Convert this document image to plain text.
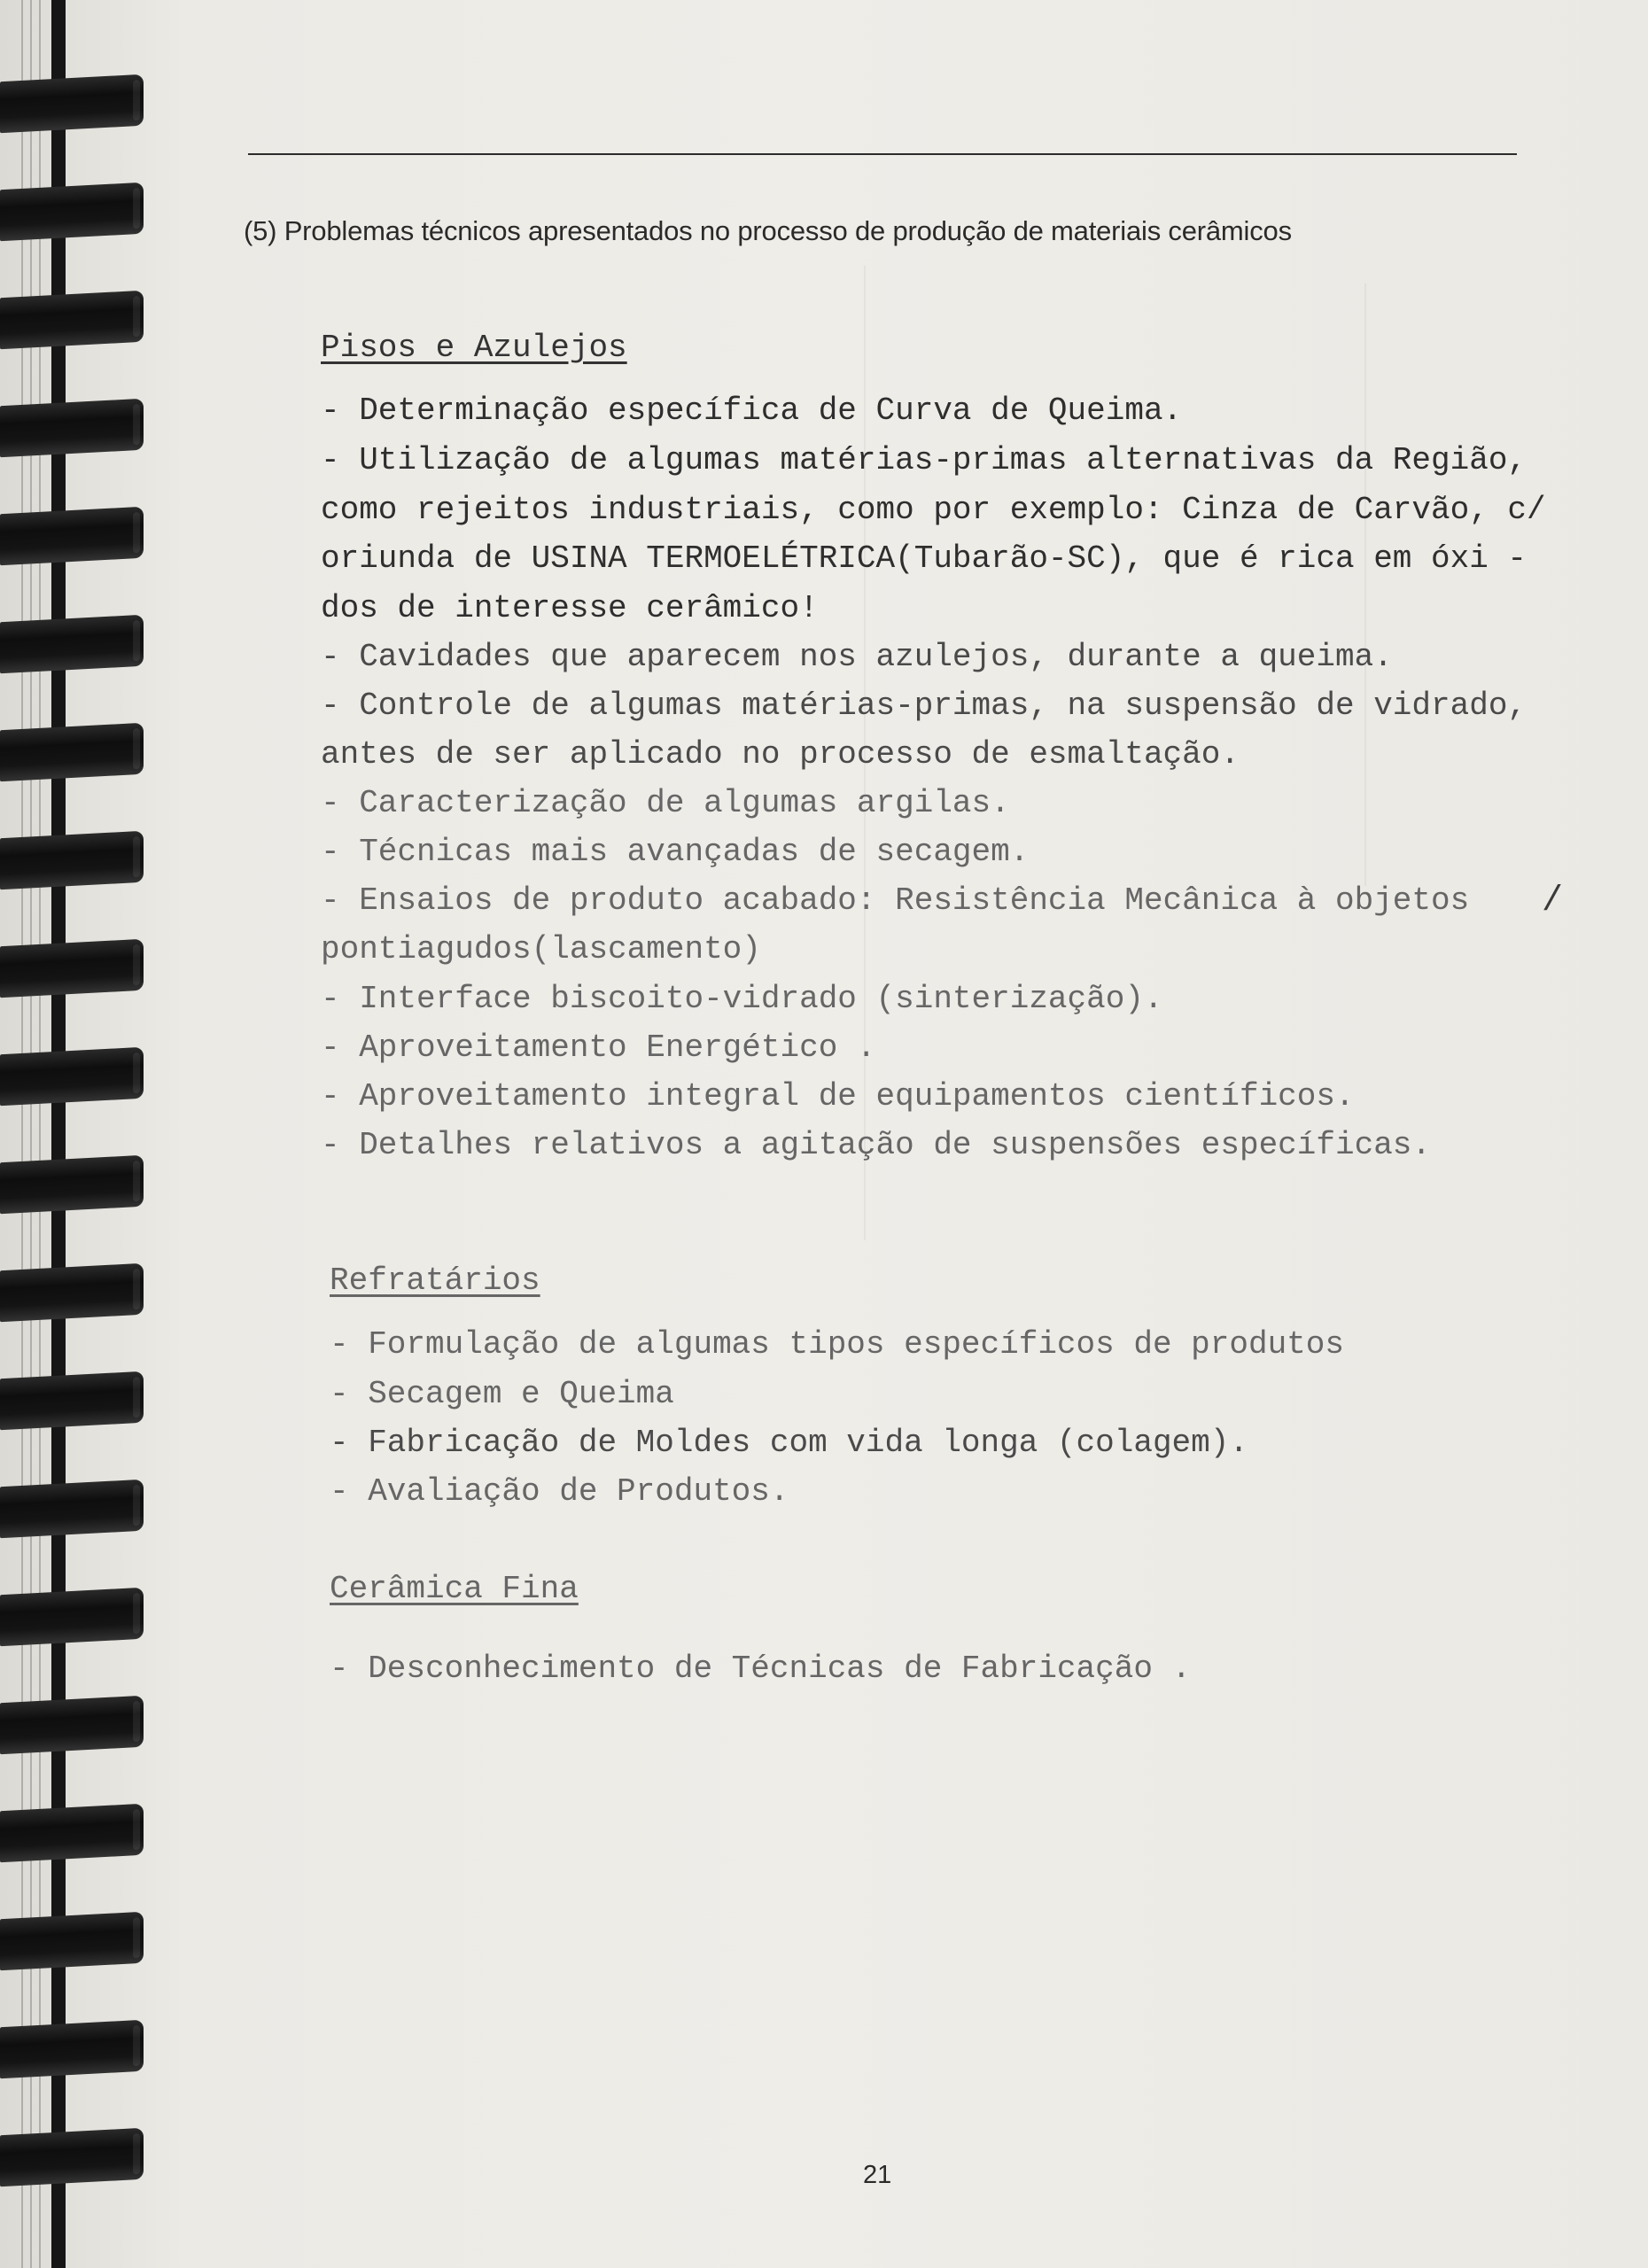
(5) Problemas técnicos apresentados no processo de produção de materiais cerâmicos
Pisos e Azulejos
- Determinação específica de Curva de Queima.
- Utilização de algumas matérias-primas alternativas da Região,
como rejeitos industriais, como por exemplo: Cinza de Carvão, c/
oriunda de USINA TERMOELÉTRICA(Tubarão-SC), que é rica em óxi -
dos de interesse cerâmico!
- Cavidades que aparecem nos azulejos, durante a queima.
- Controle de algumas matérias-primas, na suspensão de vidrado,
antes de ser aplicado no processo de esmaltação.
- Caracterização de algumas argilas.
- Técnicas mais avançadas de secagem.
- Ensaios de produto acabado: Resistência Mecânica à objetos
pontiagudos(lascamento)
- Interface biscoito-vidrado (sinterização).
- Aproveitamento Energético .
- Aproveitamento integral de equipamentos científicos.
- Detalhes relativos a agitação de suspensões específicas.
/
Refratários
- Formulação de algumas tipos específicos de produtos
- Secagem e Queima
- Fabricação de Moldes com vida longa (colagem).
- Avaliação de Produtos.
Cerâmica Fina
- Desconhecimento de Técnicas de Fabricação .
21
